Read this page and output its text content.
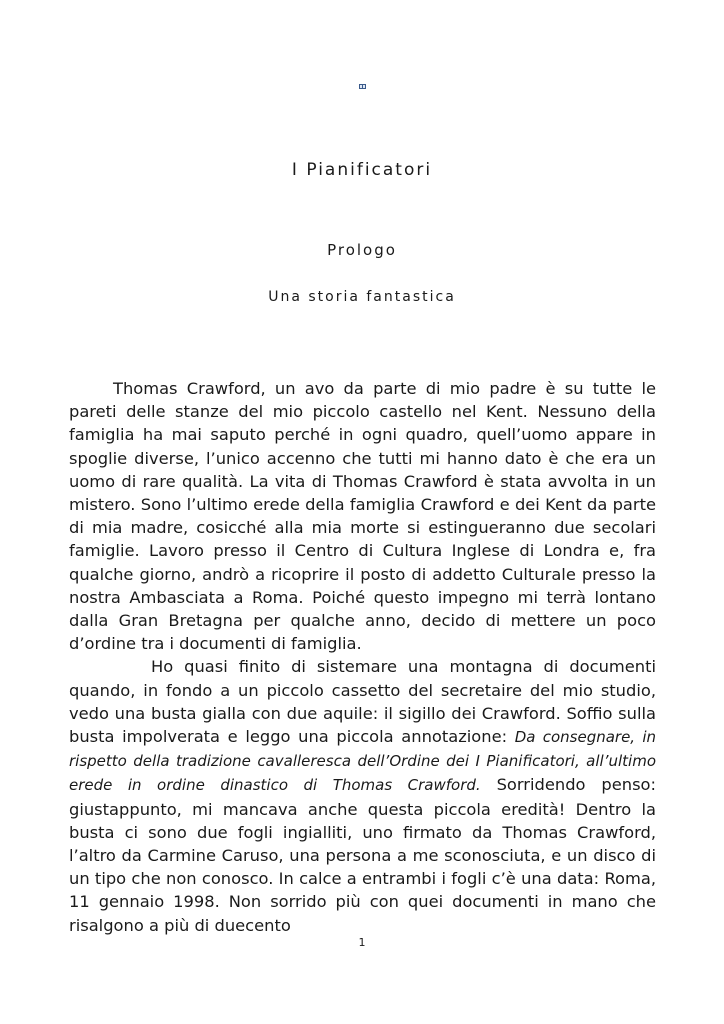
I Pianificatori
Prologo
Una storia fantastica

Thomas Crawford, un avo da parte di mio padre è su tutte le pareti delle stanze del mio piccolo castello nel Kent. Nessuno della famiglia ha mai saputo perché in ogni quadro, quell’uomo appare in spoglie diverse, l’unico accenno che tutti mi hanno dato è che era un uomo di rare qualità. La vita di Thomas Crawford è stata avvolta in un mistero. Sono l’ultimo erede della famiglia Crawford e dei Kent da parte di mia madre, cosicché alla mia morte si estingueranno due secolari famiglie. Lavoro presso il Centro di Cultura Inglese di Londra e, fra qualche giorno, andrò a ricoprire il posto di addetto Culturale presso la nostra Ambasciata a Roma. Poiché questo impegno mi terrà lontano dalla Gran Bretagna per qualche anno, decido di mettere un poco d’ordine tra i documenti di famiglia.

Ho quasi finito di sistemare una montagna di documenti quando, in fondo a un piccolo cassetto del secretaire del mio studio, vedo una busta gialla con due aquile: il sigillo dei Crawford. Soffio sulla busta impolverata e leggo una piccola annotazione: Da consegnare, in rispetto della tradizione cavalleresca dell’Ordine dei I Pianificatori, all’ultimo erede in ordine dinastico di Thomas Crawford. Sorridendo penso: giustappunto, mi mancava anche questa piccola eredità! Dentro la busta ci sono due fogli ingialliti, uno firmato da Thomas Crawford, l’altro da Carmine Caruso, una persona a me sconosciuta, e un disco di un tipo che non conosco. In calce a entrambi i fogli c’è una data: Roma, 11 gennaio 1998. Non sorrido più con quei documenti in mano che risalgono a più di duecento

1
